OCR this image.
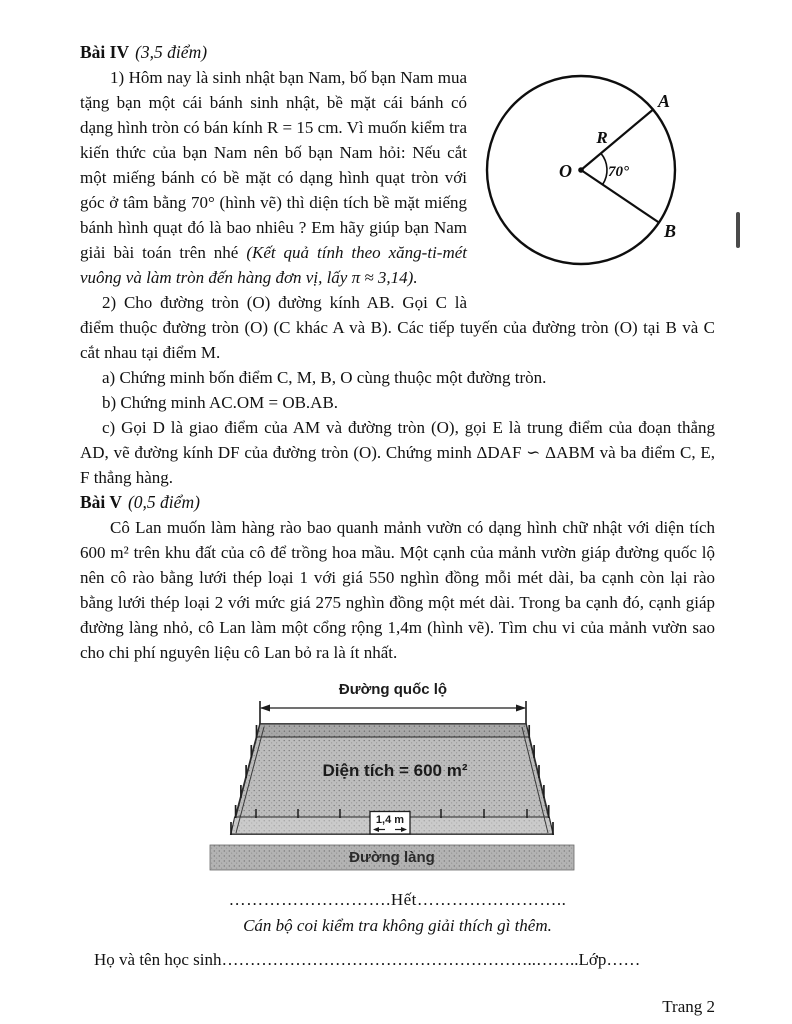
Bài IV (3,5 điểm)

A
B
O
R
70°

1) Hôm nay là sinh nhật bạn Nam, bố bạn Nam mua tặng bạn một cái bánh sinh nhật, bề mặt cái bánh có dạng hình tròn có bán kính R = 15 cm. Vì muốn kiểm tra kiến thức của bạn Nam nên bố bạn Nam hỏi: Nếu cắt một miếng bánh có bề mặt có dạng hình quạt tròn với góc ở tâm bằng 70° (hình vẽ) thì diện tích bề mặt miếng bánh hình quạt đó là bao nhiêu ? Em hãy giúp bạn Nam giải bài toán trên nhé (Kết quả tính theo xăng-ti-mét vuông và làm tròn đến hàng đơn vị, lấy π ≈ 3,14).

2) Cho đường tròn (O) đường kính AB. Gọi C là điểm thuộc đường tròn (O) (C khác A và B). Các tiếp tuyến của đường tròn (O) tại B và C cắt nhau tại điểm M.

a) Chứng minh bốn điểm C, M, B, O cùng thuộc một đường tròn.

b) Chứng minh AC.OM = OB.AB.

c) Gọi D là giao điểm của AM và đường tròn (O), gọi E là trung điểm của đoạn thẳng AD, vẽ đường kính DF của đường tròn (O). Chứng minh ΔDAF ∽ ΔABM và ba điểm C, E, F thẳng hàng.

Bài V (0,5 điểm)

Cô Lan muốn làm hàng rào bao quanh mảnh vườn có dạng hình chữ nhật với diện tích 600 m² trên khu đất của cô để trồng hoa mầu. Một cạnh của mảnh vườn giáp đường quốc lộ nên cô rào bằng lưới thép loại 1 với giá 550 nghìn đồng mỗi mét dài, ba cạnh còn lại rào bằng lưới thép loại 2 với mức giá 275 nghìn đồng một mét dài. Trong ba cạnh đó, cạnh giáp đường làng nhỏ, cô Lan làm một cổng rộng 1,4m (hình vẽ). Tìm chu vi của mảnh vườn sao cho chi phí nguyên liệu cô Lan bỏ ra là ít nhất.

Đường quốc lộ
Diện tích = 600 m²
1,4 m
Đường làng

……………………….Hết……………………..

Cán bộ coi kiểm tra không giải thích gì thêm.

Họ và tên học sinh………………………………………………..……..Lớp……

Trang 2
